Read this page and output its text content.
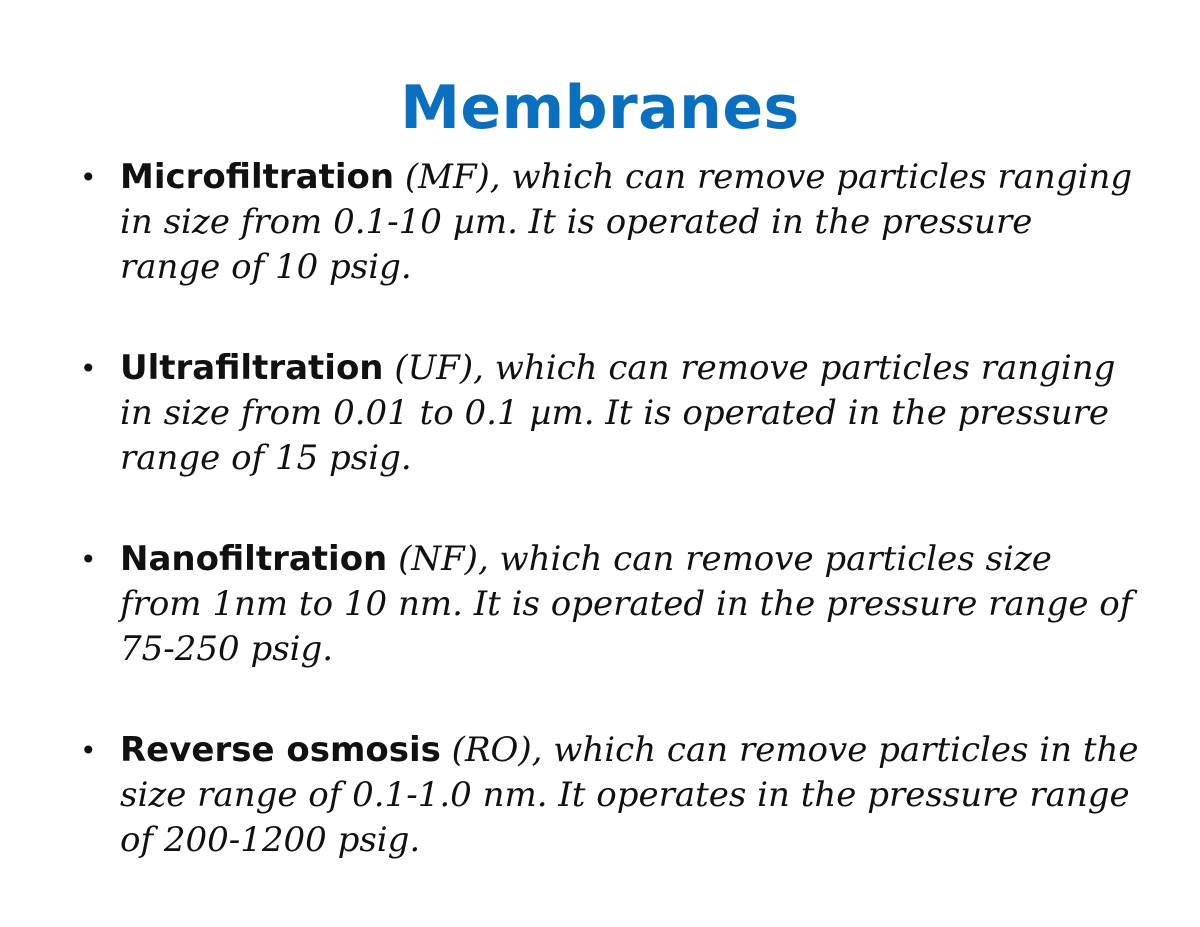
Membranes
• Microfiltration (MF), which can remove particles ranging in size from 0.1-10 µm. It is operated in the pressure range of 10 psig.
• Ultrafiltration (UF), which can remove particles ranging in size from 0.01 to 0.1 µm. It is operated in the pressure range of 15 psig.
• Nanofiltration (NF), which can remove particles size from 1nm to 10 nm. It is operated in the pressure range of 75-250 psig.
• Reverse osmosis (RO), which can remove particles in the size range of 0.1-1.0 nm. It operates in the pressure range of 200-1200 psig.
